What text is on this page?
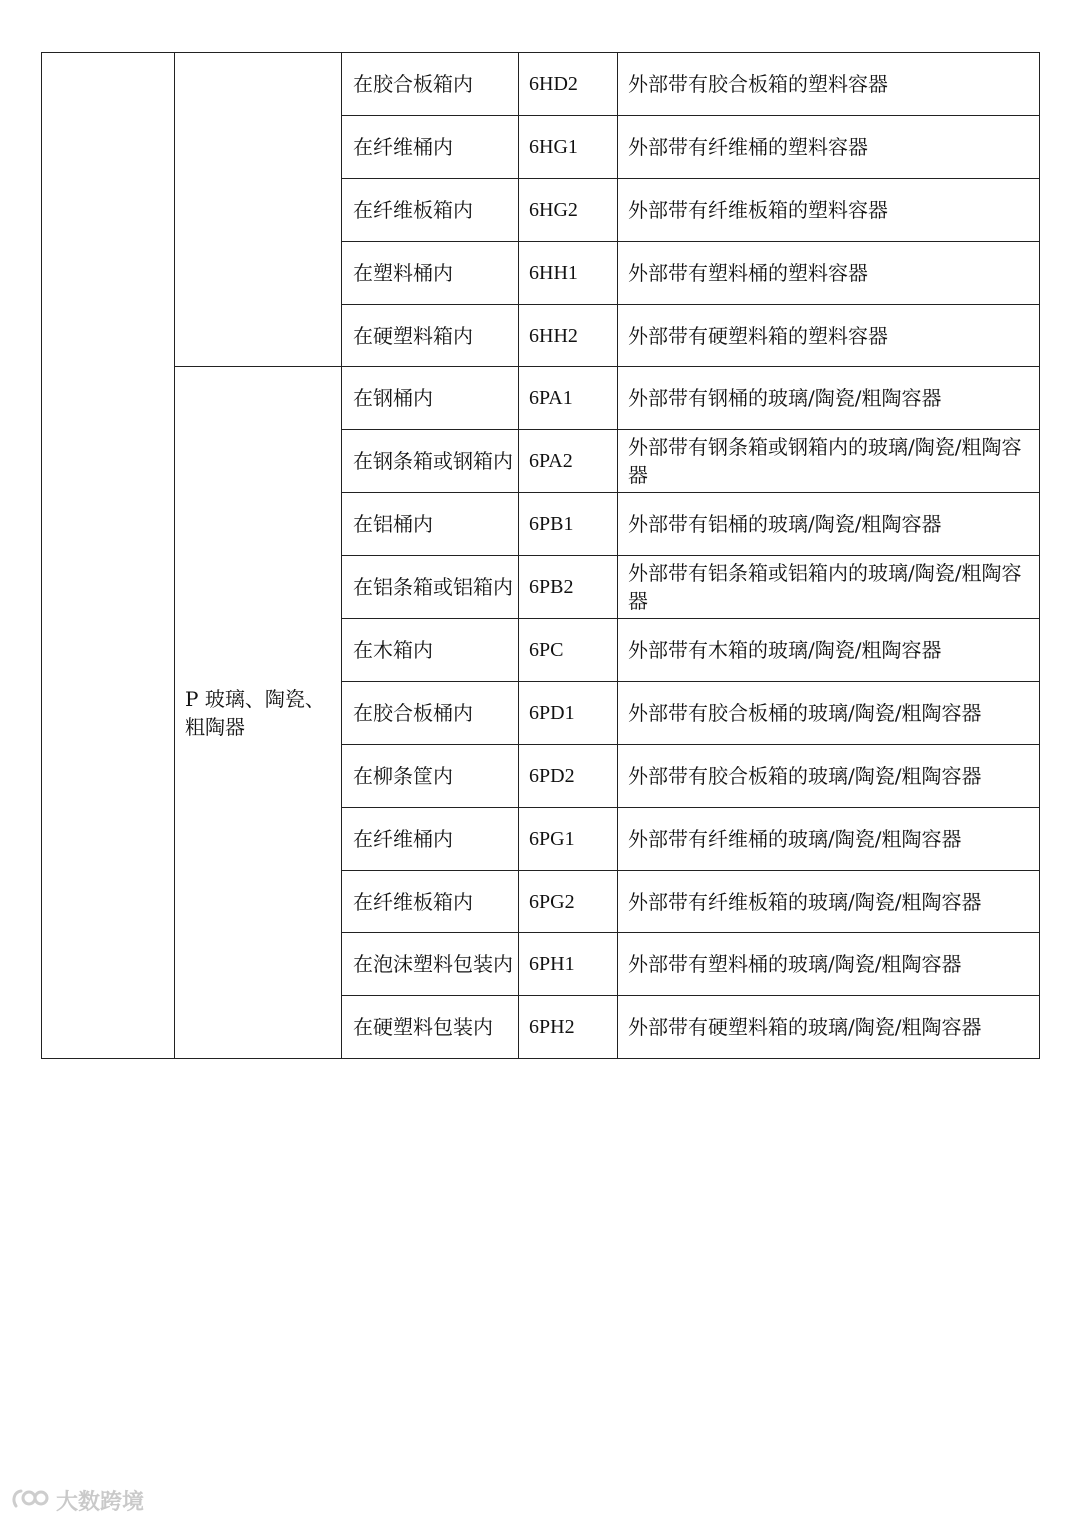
		在胶合板箱内	6HD2	外部带有胶合板箱的塑料容器

		在纤维桶内	6HG1	外部带有纤维桶的塑料容器

		在纤维板箱内	6HG2	外部带有纤维板箱的塑料容器

		在塑料桶内	6HH1	外部带有塑料桶的塑料容器

		在硬塑料箱内	6HH2	外部带有硬塑料箱的塑料容器

	P 玻璃、陶瓷、粗陶器	在钢桶内	6PA1	外部带有钢桶的玻璃/陶瓷/粗陶容器

		在钢条箱或钢箱内	6PA2	外部带有钢条箱或钢箱内的玻璃/陶瓷/粗陶容器

		在铝桶内	6PB1	外部带有铝桶的玻璃/陶瓷/粗陶容器

		在铝条箱或铝箱内	6PB2	外部带有铝条箱或铝箱内的玻璃/陶瓷/粗陶容器

		在木箱内	6PC	外部带有木箱的玻璃/陶瓷/粗陶容器

		在胶合板桶内	6PD1	外部带有胶合板桶的玻璃/陶瓷/粗陶容器

		在柳条筐内	6PD2	外部带有胶合板箱的玻璃/陶瓷/粗陶容器

		在纤维桶内	6PG1	外部带有纤维桶的玻璃/陶瓷/粗陶容器

		在纤维板箱内	6PG2	外部带有纤维板箱的玻璃/陶瓷/粗陶容器

		在泡沫塑料包装内	6PH1	外部带有塑料桶的玻璃/陶瓷/粗陶容器

		在硬塑料包装内	6PH2	外部带有硬塑料箱的玻璃/陶瓷/粗陶容器
大数跨境
